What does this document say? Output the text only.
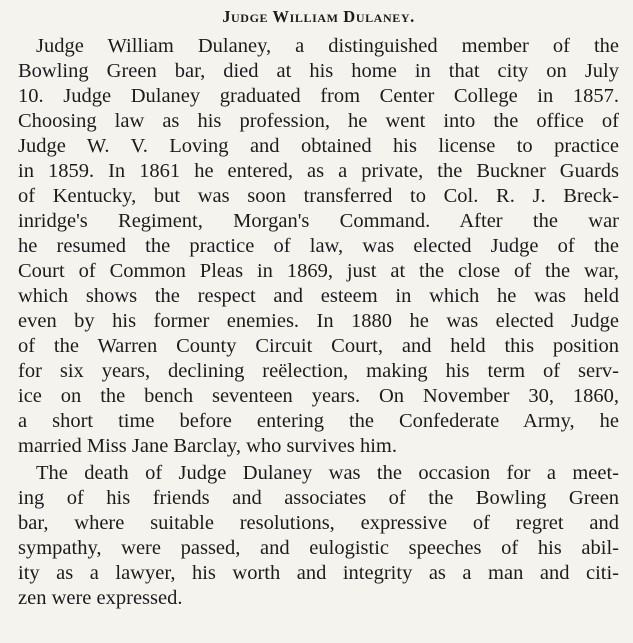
Judge William Dulaney.

Judge William Dulaney, a distinguished member of the
Bowling Green bar, died at his home in that city on July
10. Judge Dulaney graduated from Center College in 1857.
Choosing law as his profession, he went into the office of
Judge W. V. Loving and obtained his license to practice
in 1859. In 1861 he entered, as a private, the Buckner Guards
of Kentucky, but was soon transferred to Col. R. J. Breck-
inridge's Regiment, Morgan's Command. After the war
he resumed the practice of law, was elected Judge of the
Court of Common Pleas in 1869, just at the close of the war,
which shows the respect and esteem in which he was held
even by his former enemies. In 1880 he was elected Judge
of the Warren County Circuit Court, and held this position
for six years, declining reëlection, making his term of serv-
ice on the bench seventeen years. On November 30, 1860,
a short time before entering the Confederate Army, he
married Miss Jane Barclay, who survives him.

The death of Judge Dulaney was the occasion for a meet-
ing of his friends and associates of the Bowling Green
bar, where suitable resolutions, expressive of regret and
sympathy, were passed, and eulogistic speeches of his abil-
ity as a lawyer, his worth and integrity as a man and citi-
zen were expressed.
